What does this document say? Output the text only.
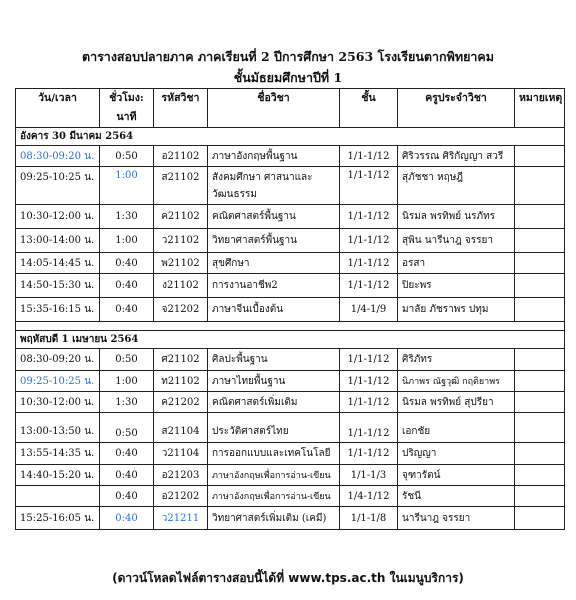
ตารางสอบปลายภาค ภาคเรียนที่ 2 ปีการศึกษา 2563 โรงเรียนตากพิทยาคม
ชั้นมัธยมศึกษาปีที่ 1
วัน/เวลา	ชั่วโมง: นาที	รหัสวิชา	ชื่อวิชา	ชั้น	ครูประจำวิชา	หมายเหตุ
อังคาร 30 มีนาคม 2564						
08:30-09:20 น.	0:50	อ21102	ภาษาอังกฤษพื้นฐาน	1/1-1/12	ศิริวรรณ ศิริกัญญา สวรี	
09:25-10:25 น.	1:00	ส21102	สังคมศึกษา ศาสนาและวัฒนธรรม	1/1-1/12	สุภัชชา หฤษฎี	
10:30-12:00 น.	1:30	ค21102	คณิตศาสตร์พื้นฐาน	1/1-1/12	นิรมล พรทิพย์ นรภัทร	
13:00-14:00 น.	1:00	ว21102	วิทยาศาสตร์พื้นฐาน	1/1-1/12	สุพิน นารีนาฎ จรรยา	
14:05-14:45 น.	0:40	พ21102	สุขศึกษา	1/1-1/12	อรสา	
14:50-15:30 น.	0:40	ง21102	การงานอาชีพ2	1/1-1/12	ปิยะพร	
15:35-16:15 น.	0:40	จ21202	ภาษาจีนเบื้องต้น	1/4-1/9	มาลัย ภัชราพร ปทุม	

พฤหัสบดี 1 เมษายน 2564						
08:30-09:20 น.	0:50	ศ21102	ศิลปะพื้นฐาน	1/1-1/12	ศิริภัทร	
09:25-10:25 น.	1:00	ท21102	ภาษาไทยพื้นฐาน	1/1-1/12	นิภาพร ณัฐวุฒิ กฤติยาพร	
10:30-12:00 น.	1:30	ค21202	คณิตศาสตร์เพิ่มเติม	1/1-1/12	นิรมล พรทิพย์ สุปรียา	
13:00-13:50 น.	0:50	ส21104	ประวัติศาสตร์ไทย	1/1-1/12	เอกชัย	
13:55-14:35 น.	0:40	ว21104	การออกแบบและเทคโนโลยี	1/1-1/12	ปริญญา	
14:40-15:20 น.	0:40	อ21203	ภาษาอังกฤษเพื่อการอ่าน-เขียน	1/1-1/3	จุฑารัตน์	
	0:40	อ21202	ภาษาอังกฤษเพื่อการอ่าน-เขียน	1/4-1/12	รัชนี	
15:25-16:05 น.	0:40	ว21211	วิทยาศาสตร์เพิ่มเติม (เคมี)	1/1-1/8	นารีนาฎ จรรยา	
(ดาวน์โหลดไฟล์ตารางสอบนี้ได้ที่ www.tps.ac.th ในเมนูบริการ)
